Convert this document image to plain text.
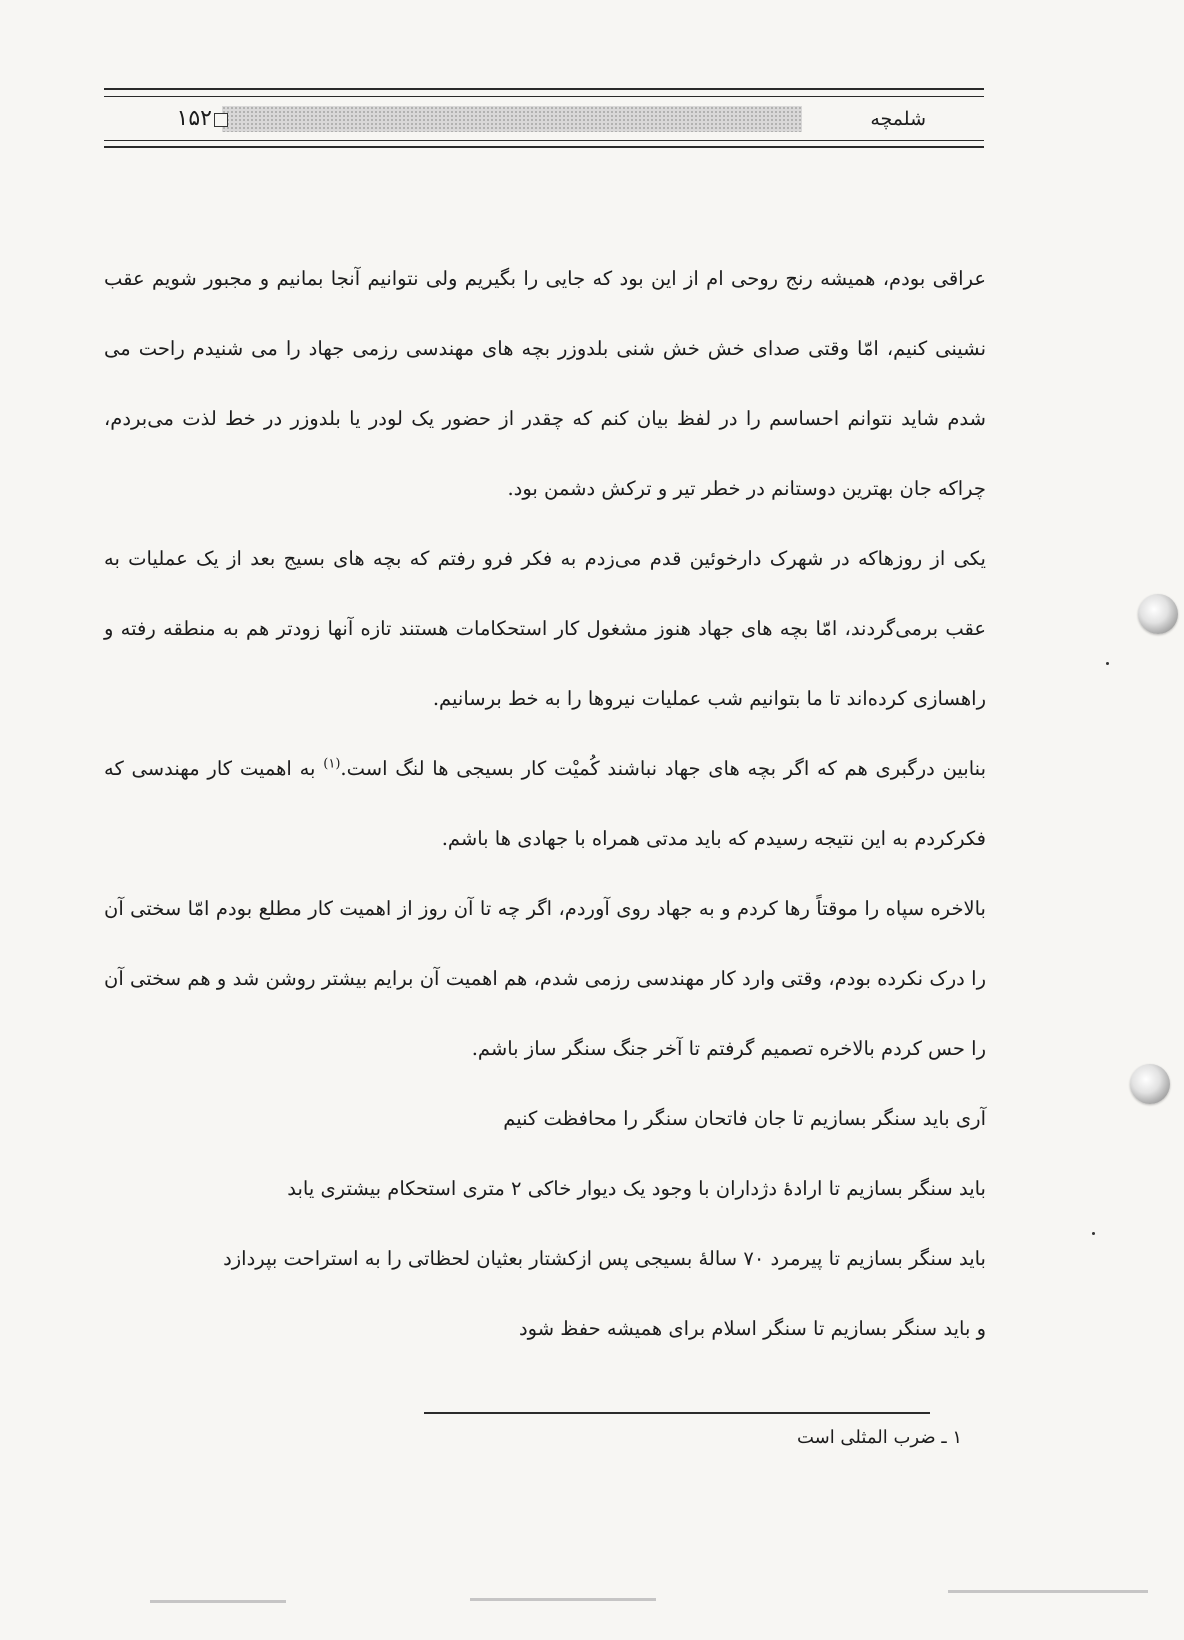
۱۵۲	شلمچه

عراقی بودم، همیشه رنج روحی ام از این بود که جایی را بگیریم ولی نتوانیم آنجا بمانیم و مجبور شویم عقب نشینی کنیم، امّا وقتی صدای خش خش شنی بلدوزر بچه های مهندسی رزمی جهاد را می شنیدم راحت می شدم شاید نتوانم احساسم را در لفظ بیان کنم که چقدر از حضور یک لودر یا بلدوزر در خط لذت می‌بردم، چراکه جان بهترین دوستانم در خطر تیر و ترکش دشمن بود.

یکی از روزهاکه در شهرک دارخوئین قدم می‌زدم به فکر فرو رفتم که بچه های بسیج بعد از یک عملیات به عقب برمی‌گردند، امّا بچه های جهاد هنوز مشغول کار استحکامات هستند تازه آنها زودتر هم به منطقه رفته و راهسازی کرده‌اند تا ما بتوانیم شب عملیات نیروها را به خط برسانیم.

بنابین درگبری هم که اگر بچه های جهاد نباشند کُمیْت کار بسیجی ها لنگ است.$^{(۱)}$ به اهمیت کار مهندسی که فکرکردم به این نتیجه رسیدم که باید مدتی همراه با جهادی ها باشم.

بالاخره سپاه را موقتاً رها کردم و به جهاد روی آوردم، اگر چه تا آن روز از اهمیت کار مطلع بودم امّا سختی آن را درک نکرده بودم، وقتی وارد کار مهندسی رزمی شدم، هم اهمیت آن برایم بیشتر روشن شد و هم سختی آن را حس کردم بالاخره تصمیم گرفتم تا آخر جنگ سنگر ساز باشم.

آری باید سنگر بسازیم تا جان فاتحان سنگر را محافظت کنیم

باید سنگر بسازیم تا ارادهٔ دژداران با وجود یک دیوار خاکی ۲ متری استحکام بیشتری یابد

باید سنگر بسازیم تا پیرمرد ۷۰ سالهٔ بسیجی پس ازکشتار بعثیان لحظاتی را به استراحت بپردازد

و باید سنگر بسازیم تا سنگر اسلام برای همیشه حفظ شود

۱ ـ ضرب المثلی است
